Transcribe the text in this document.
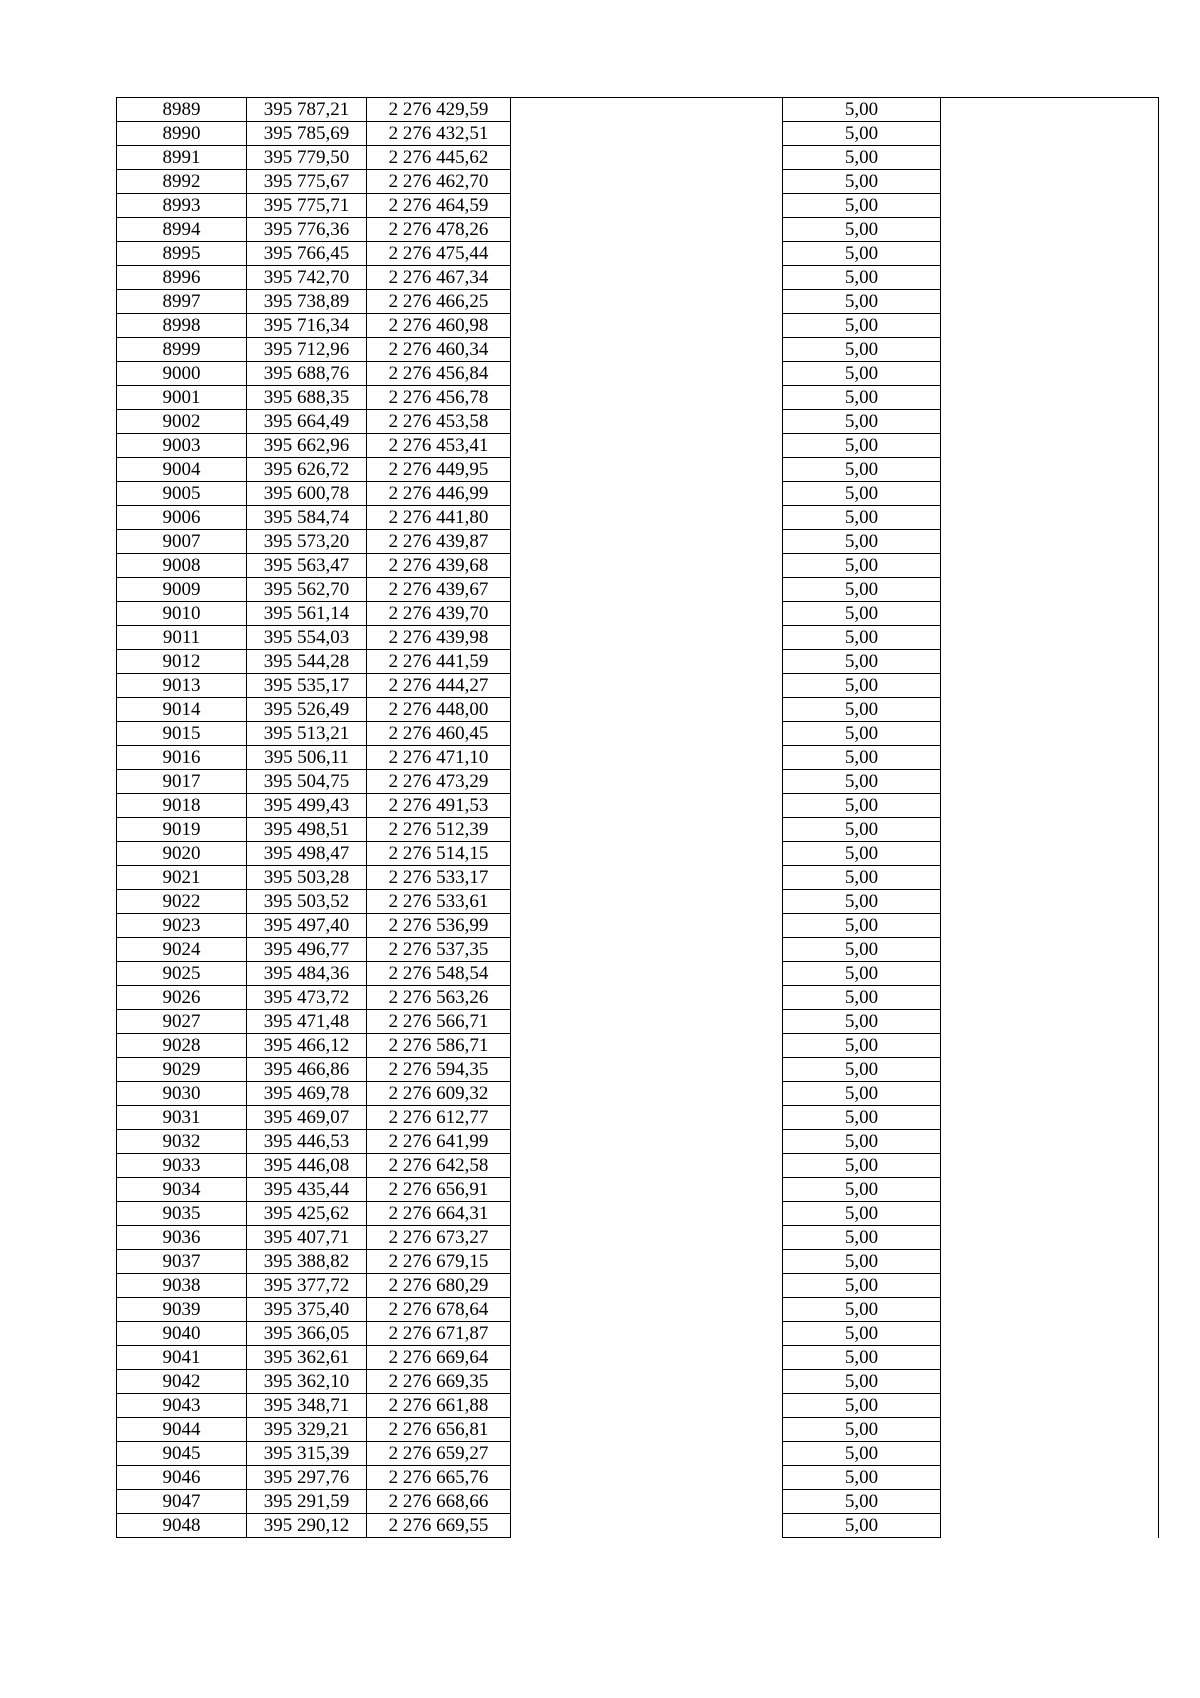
8989	395 787,21	2 276 429,59		5,00	
8990	395 785,69	2 276 432,51		5,00	
8991	395 779,50	2 276 445,62		5,00	
8992	395 775,67	2 276 462,70		5,00	
8993	395 775,71	2 276 464,59		5,00	
8994	395 776,36	2 276 478,26		5,00	
8995	395 766,45	2 276 475,44		5,00	
8996	395 742,70	2 276 467,34		5,00	
8997	395 738,89	2 276 466,25		5,00	
8998	395 716,34	2 276 460,98		5,00	
8999	395 712,96	2 276 460,34		5,00	
9000	395 688,76	2 276 456,84		5,00	
9001	395 688,35	2 276 456,78		5,00	
9002	395 664,49	2 276 453,58		5,00	
9003	395 662,96	2 276 453,41		5,00	
9004	395 626,72	2 276 449,95		5,00	
9005	395 600,78	2 276 446,99		5,00	
9006	395 584,74	2 276 441,80		5,00	
9007	395 573,20	2 276 439,87		5,00	
9008	395 563,47	2 276 439,68		5,00	
9009	395 562,70	2 276 439,67		5,00	
9010	395 561,14	2 276 439,70		5,00	
9011	395 554,03	2 276 439,98		5,00	
9012	395 544,28	2 276 441,59		5,00	
9013	395 535,17	2 276 444,27		5,00	
9014	395 526,49	2 276 448,00		5,00	
9015	395 513,21	2 276 460,45		5,00	
9016	395 506,11	2 276 471,10		5,00	
9017	395 504,75	2 276 473,29		5,00	
9018	395 499,43	2 276 491,53		5,00	
9019	395 498,51	2 276 512,39		5,00	
9020	395 498,47	2 276 514,15		5,00	
9021	395 503,28	2 276 533,17		5,00	
9022	395 503,52	2 276 533,61		5,00	
9023	395 497,40	2 276 536,99		5,00	
9024	395 496,77	2 276 537,35		5,00	
9025	395 484,36	2 276 548,54		5,00	
9026	395 473,72	2 276 563,26		5,00	
9027	395 471,48	2 276 566,71		5,00	
9028	395 466,12	2 276 586,71		5,00	
9029	395 466,86	2 276 594,35		5,00	
9030	395 469,78	2 276 609,32		5,00	
9031	395 469,07	2 276 612,77		5,00	
9032	395 446,53	2 276 641,99		5,00	
9033	395 446,08	2 276 642,58		5,00	
9034	395 435,44	2 276 656,91		5,00	
9035	395 425,62	2 276 664,31		5,00	
9036	395 407,71	2 276 673,27		5,00	
9037	395 388,82	2 276 679,15		5,00	
9038	395 377,72	2 276 680,29		5,00	
9039	395 375,40	2 276 678,64		5,00	
9040	395 366,05	2 276 671,87		5,00	
9041	395 362,61	2 276 669,64		5,00	
9042	395 362,10	2 276 669,35		5,00	
9043	395 348,71	2 276 661,88		5,00	
9044	395 329,21	2 276 656,81		5,00	
9045	395 315,39	2 276 659,27		5,00	
9046	395 297,76	2 276 665,76		5,00	
9047	395 291,59	2 276 668,66		5,00	
9048	395 290,12	2 276 669,55		5,00	
